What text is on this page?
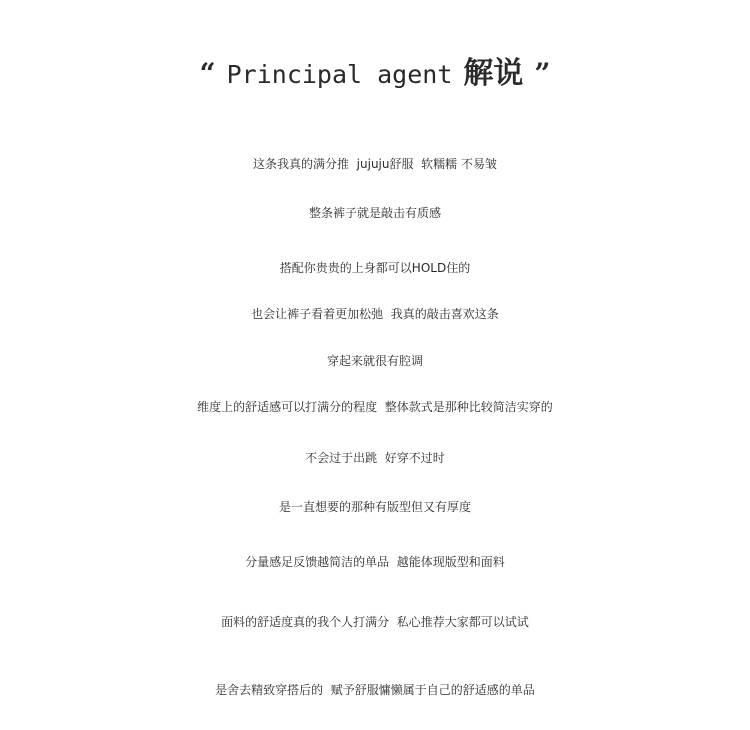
“ Principal agent 解说 ”
这条我真的满分推  jujuju舒服  软糯糯 不易皱
整条裤子就是敲击有质感
搭配你贵贵的上身都可以HOLD住的
也会让裤子看着更加松弛  我真的敲击喜欢这条
穿起来就很有腔调
维度上的舒适感可以打满分的程度  整体款式是那种比较简洁实穿的
不会过于出跳  好穿不过时
是一直想要的那种有版型但又有厚度
分量感足反馈越简洁的单品  越能体现版型和面料
面料的舒适度真的我个人打满分  私心推荐大家都可以试试
是舍去精致穿搭后的  赋予舒服慵懒属于自己的舒适感的单品
